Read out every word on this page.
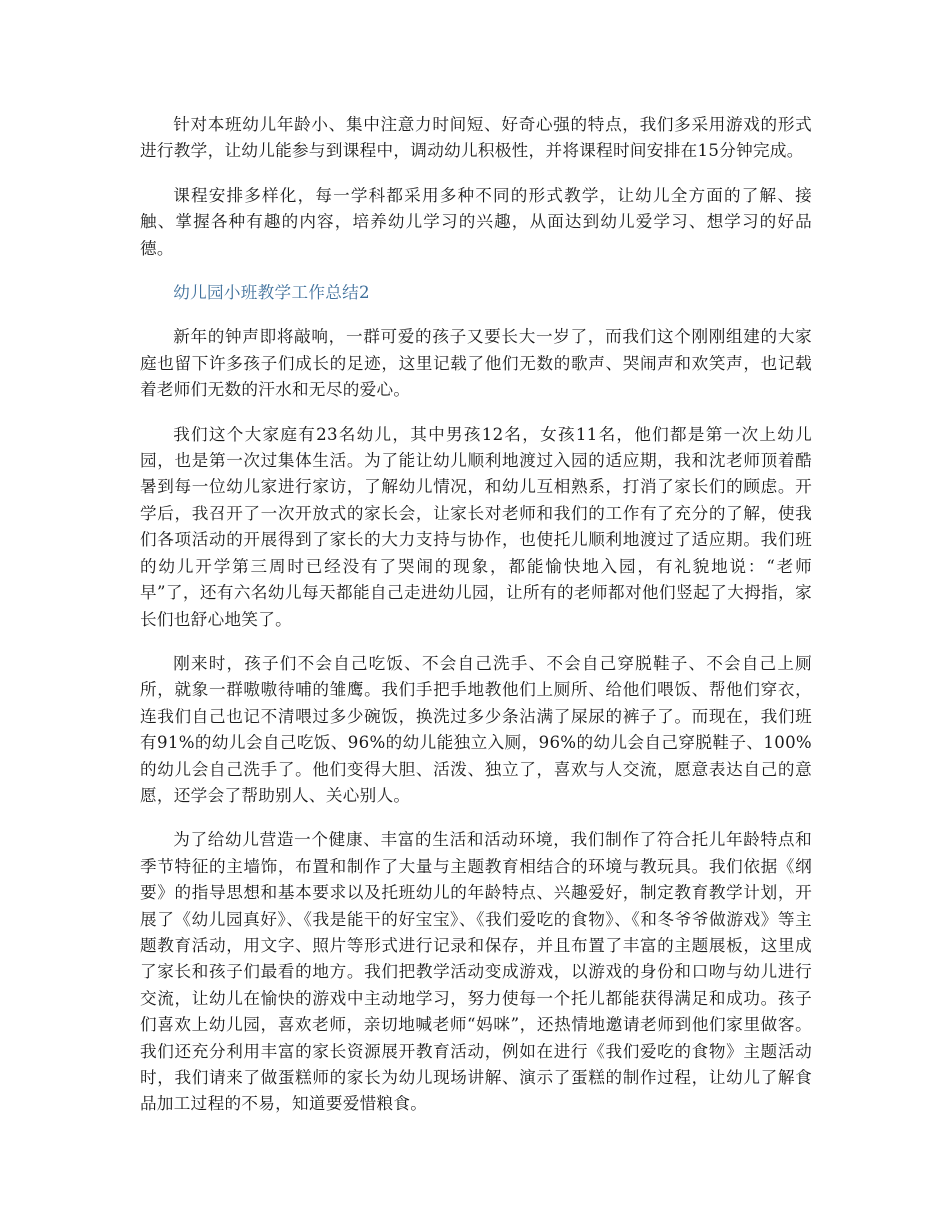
针对本班幼儿年龄小、集中注意力时间短、好奇心强的特点，我们多采用游戏的形式进行教学，让幼儿能参与到课程中，调动幼儿积极性，并将课程时间安排在15分钟完成。

课程安排多样化，每一学科都采用多种不同的形式教学，让幼儿全方面的了解、接触、掌握各种有趣的内容，培养幼儿学习的兴趣，从面达到幼儿爱学习、想学习的好品德。

幼儿园小班教学工作总结2

新年的钟声即将敲响，一群可爱的孩子又要长大一岁了，而我们这个刚刚组建的大家庭也留下许多孩子们成长的足迹，这里记载了他们无数的歌声、哭闹声和欢笑声，也记载着老师们无数的汗水和无尽的爱心。

我们这个大家庭有23名幼儿，其中男孩12名，女孩11名，他们都是第一次上幼儿园，也是第一次过集体生活。为了能让幼儿顺利地渡过入园的适应期，我和沈老师顶着酷暑到每一位幼儿家进行家访，了解幼儿情况，和幼儿互相熟系，打消了家长们的顾虑。开学后，我召开了一次开放式的家长会，让家长对老师和我们的工作有了充分的了解，使我们各项活动的开展得到了家长的大力支持与协作，也使托儿顺利地渡过了适应期。我们班的幼儿开学第三周时已经没有了哭闹的现象，都能愉快地入园，有礼貌地说：“老师早”了，还有六名幼儿每天都能自己走进幼儿园，让所有的老师都对他们竖起了大拇指，家长们也舒心地笑了。

刚来时，孩子们不会自己吃饭、不会自己洗手、不会自己穿脱鞋子、不会自己上厕所，就象一群嗷嗷待哺的雏鹰。我们手把手地教他们上厕所、给他们喂饭、帮他们穿衣，连我们自己也记不清喂过多少碗饭，换洗过多少条沾满了屎尿的裤子了。而现在，我们班有91%的幼儿会自己吃饭、96%的幼儿能独立入厕，96%的幼儿会自己穿脱鞋子、100%的幼儿会自己洗手了。他们变得大胆、活泼、独立了，喜欢与人交流，愿意表达自己的意愿，还学会了帮助别人、关心别人。

为了给幼儿营造一个健康、丰富的生活和活动环境，我们制作了符合托儿年龄特点和季节特征的主墙饰，布置和制作了大量与主题教育相结合的环境与教玩具。我们依据《纲要》的指导思想和基本要求以及托班幼儿的年龄特点、兴趣爱好，制定教育教学计划，开展了《幼儿园真好》、《我是能干的好宝宝》、《我们爱吃的食物》、《和冬爷爷做游戏》等主题教育活动，用文字、照片等形式进行记录和保存，并且布置了丰富的主题展板，这里成了家长和孩子们最看的地方。我们把教学活动变成游戏，以游戏的身份和口吻与幼儿进行交流，让幼儿在愉快的游戏中主动地学习，努力使每一个托儿都能获得满足和成功。孩子们喜欢上幼儿园，喜欢老师，亲切地喊老师“妈咪”，还热情地邀请老师到他们家里做客。我们还充分利用丰富的家长资源展开教育活动，例如在进行《我们爱吃的食物》主题活动时，我们请来了做蛋糕师的家长为幼儿现场讲解、演示了蛋糕的制作过程，让幼儿了解食品加工过程的不易，知道要爱惜粮食。
